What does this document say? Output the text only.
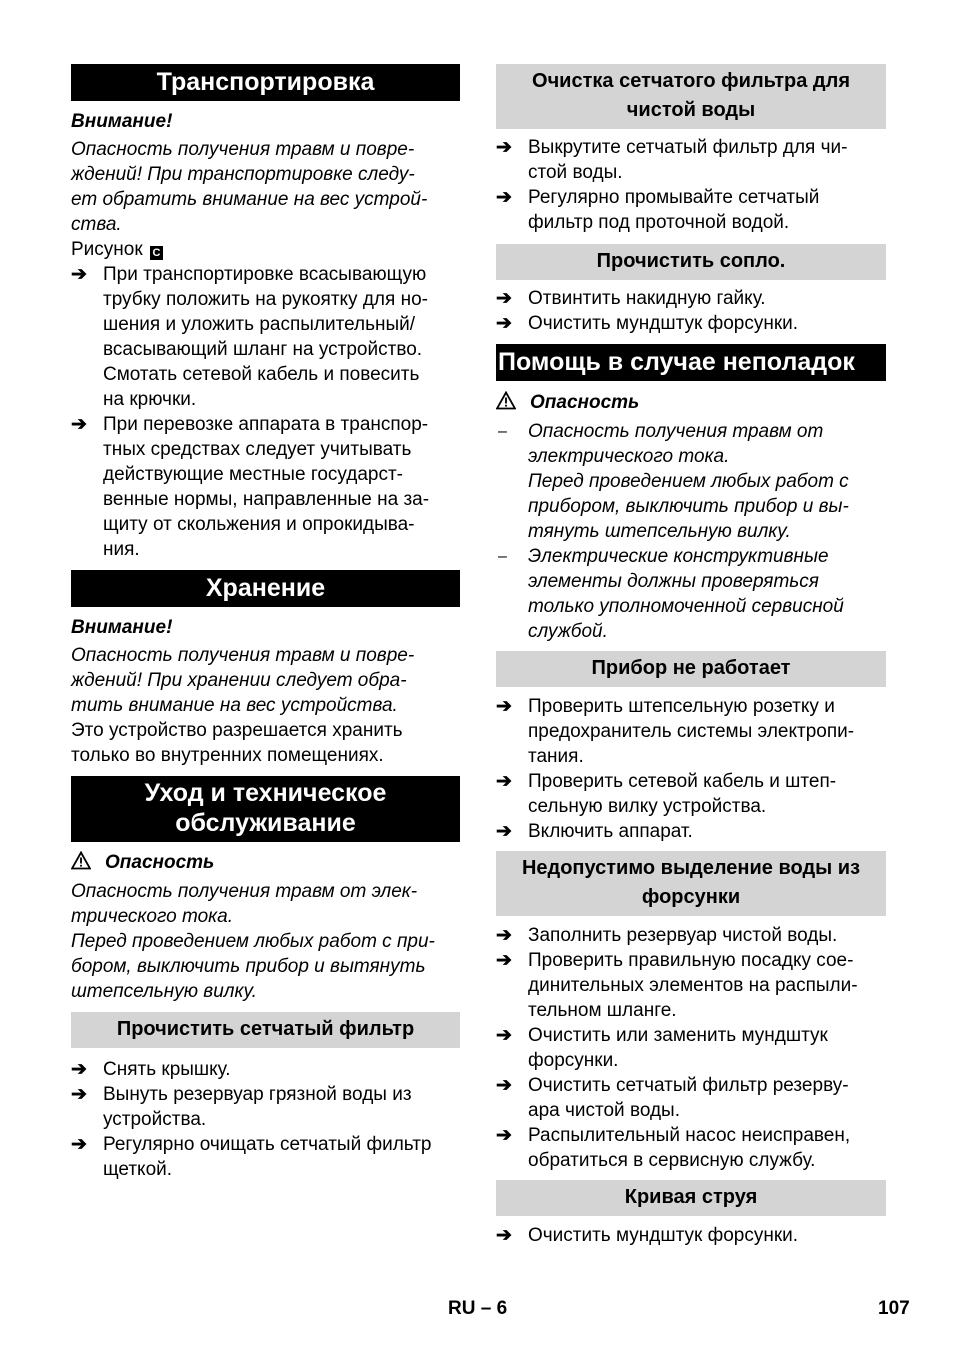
Транспортировка

Внимание!

Опасность получения травм и повре-
ждений! При транспортировке следу-
ет обратить внимание на вес устрой-
ства.

Рисунок C

➔ При транспортировке всасывающую
трубку положить на рукоятку для но-
шения и уложить распылительный/
всасывающий шланг на устройство.
Смотать сетевой кабель и повесить
на крючки.
➔ При перевозке аппарата в транспор-
тных средствах следует учитывать
действующие местные государст-
венные нормы, направленные на за-
щиту от скольжения и опрокидыва-
ния.
Хранение

Внимание!

Опасность получения травм и повре-
ждений! При хранении следует обра-
тить внимание на вес устройства.

Это устройство разрешается хранить
только во внутренних помещениях.

Уход и техническое
обслуживание
Опасность

Опасность получения травм от элек-
трического тока.
Перед проведением любых работ с при-
бором, выключить прибор и вытянуть
штепсельную вилку.

Прочистить сетчатый фильтр
➔ Снять крышку.
➔ Вынуть резервуар грязной воды из
устройства.
➔ Регулярно очищать сетчатый фильтр
щеткой.
Очистка сетчатого фильтра для
чистой воды
➔ Выкрутите сетчатый фильтр для чи-
стой воды.
➔ Регулярно промывайте сетчатый
фильтр под проточной водой.
Прочистить сопло.
➔ Отвинтить накидную гайку.
➔ Очистить мундштук форсунки.
Помощь в случае неполадок
Опасность
– Опасность получения травм от
электрического тока.
Перед проведением любых работ с
прибором, выключить прибор и вы-
тянуть штепсельную вилку.
– Электрические конструктивные
элементы должны проверяться
только уполномоченной сервисной
службой.
Прибор не работает
➔ Проверить штепсельную розетку и
предохранитель системы электропи-
тания.
➔ Проверить сетевой кабель и штеп-
сельную вилку устройства.
➔ Включить аппарат.
Недопустимо выделение воды из
форсунки
➔ Заполнить резервуар чистой воды.
➔ Проверить правильную посадку сое-
динительных элементов на распыли-
тельном шланге.
➔ Очистить или заменить мундштук
форсунки.
➔ Очистить сетчатый фильтр резерву-
ара чистой воды.
➔ Распылительный насос неисправен,
обратиться в сервисную службу.
Кривая струя
➔ Очистить мундштук форсунки.
RU – 6	107
